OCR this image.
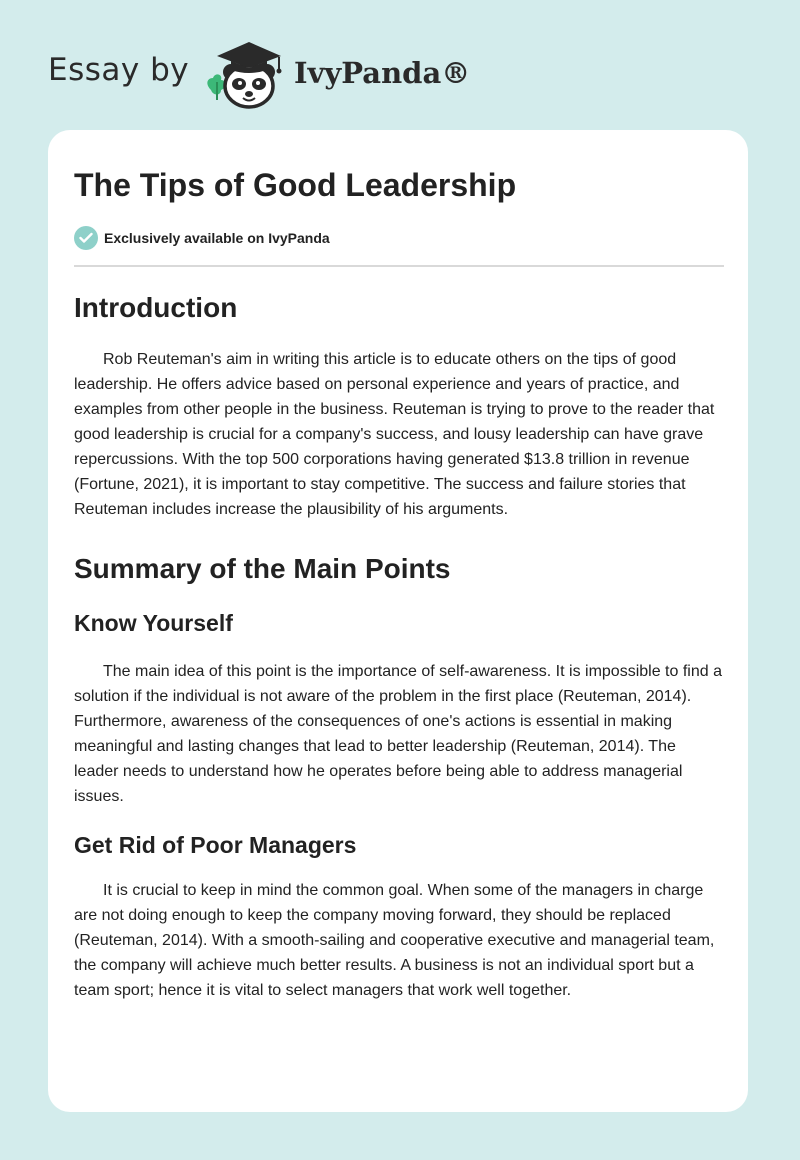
Essay by	IvyPanda®
The Tips of Good Leadership
Exclusively available on IvyPanda
Introduction

Rob Reuteman's aim in writing this article is to educate others on the tips of good leadership. He offers advice based on personal experience and years of practice, and examples from other people in the business. Reuteman is trying to prove to the reader that good leadership is crucial for a company's success, and lousy leadership can have grave repercussions. With the top 500 corporations having generated $13.8 trillion in revenue (Fortune, 2021), it is important to stay competitive. The success and failure stories that Reuteman includes increase the plausibility of his arguments.

Summary of the Main Points
Know Yourself

The main idea of this point is the importance of self-awareness. It is impossible to find a solution if the individual is not aware of the problem in the first place (Reuteman, 2014). Furthermore, awareness of the consequences of one's actions is essential in making meaningful and lasting changes that lead to better leadership (Reuteman, 2014). The leader needs to understand how he operates before being able to address managerial issues.

Get Rid of Poor Managers

It is crucial to keep in mind the common goal. When some of the managers in charge are not doing enough to keep the company moving forward, they should be replaced (Reuteman, 2014). With a smooth-sailing and cooperative executive and managerial team, the company will achieve much better results. A business is not an individual sport but a team sport; hence it is vital to select managers that work well together.
